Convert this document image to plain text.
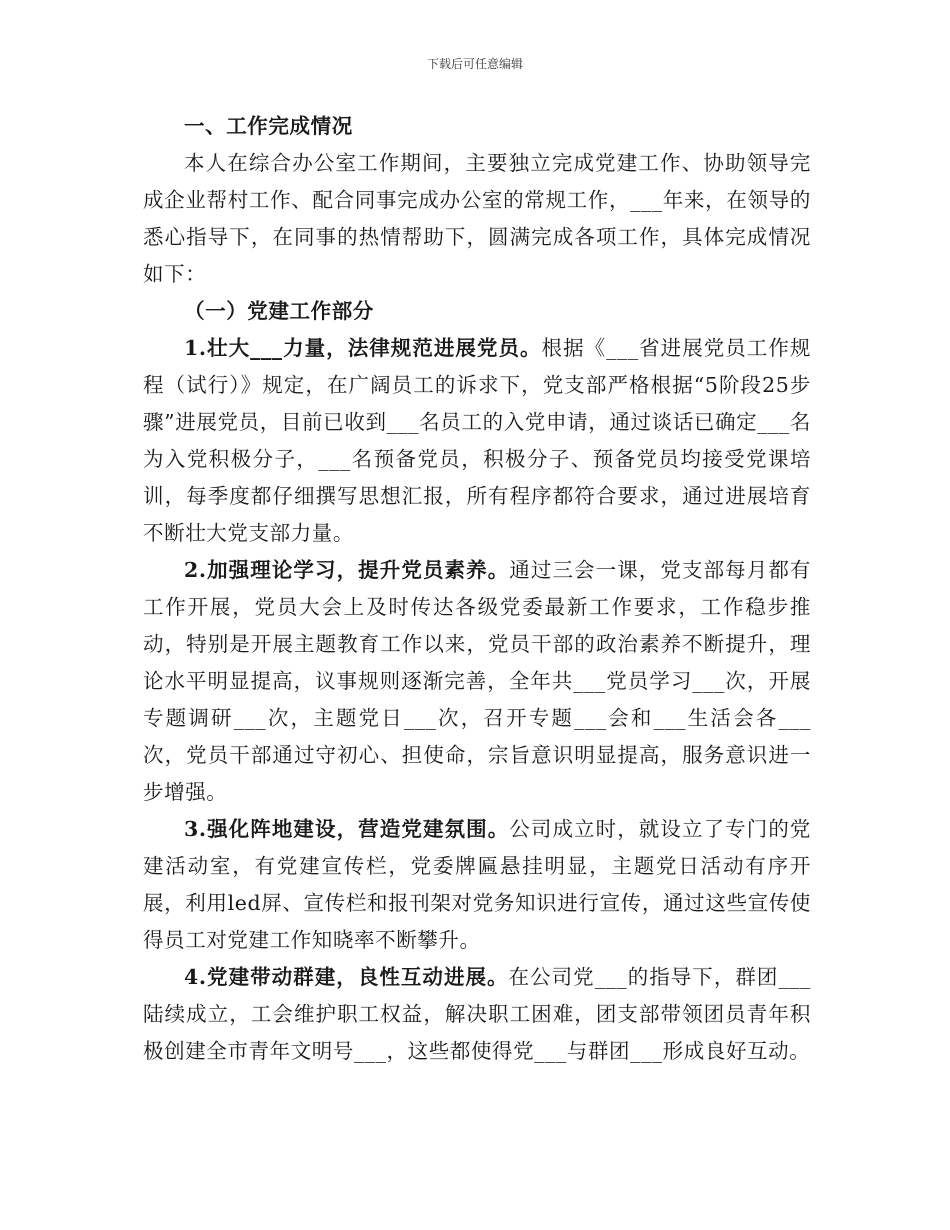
下载后可任意编辑
一、工作完成情况

本人在综合办公室工作期间，主要独立完成党建工作、协助领导完成企业帮村工作、配合同事完成办公室的常规工作，___年来，在领导的悉心指导下，在同事的热情帮助下，圆满完成各项工作，具体完成情况如下：

（一）党建工作部分

1.壮大___力量，法律规范进展党员。根据《___省进展党员工作规程（试行）》规定，在广阔员工的诉求下，党支部严格根据“5阶段25步骤”进展党员，目前已收到___名员工的入党申请，通过谈话已确定___名为入党积极分子，___名预备党员，积极分子、预备党员均接受党课培训，每季度都仔细撰写思想汇报，所有程序都符合要求，通过进展培育不断壮大党支部力量。

2.加强理论学习，提升党员素养。通过三会一课，党支部每月都有工作开展，党员大会上及时传达各级党委最新工作要求，工作稳步推动，特别是开展主题教育工作以来，党员干部的政治素养不断提升，理论水平明显提高，议事规则逐渐完善，全年共___党员学习___次，开展专题调研___次，主题党日___次，召开专题___会和___生活会各___次，党员干部通过守初心、担使命，宗旨意识明显提高，服务意识进一步增强。

3.强化阵地建设，营造党建氛围。公司成立时，就设立了专门的党建活动室，有党建宣传栏，党委牌匾悬挂明显，主题党日活动有序开展，利用led屏、宣传栏和报刊架对党务知识进行宣传，通过这些宣传使得员工对党建工作知晓率不断攀升。

4.党建带动群建，良性互动进展。在公司党___的指导下，群团___陆续成立，工会维护职工权益，解决职工困难，团支部带领团员青年积极创建全市青年文明号___，这些都使得党___与群团___形成良好互动。
